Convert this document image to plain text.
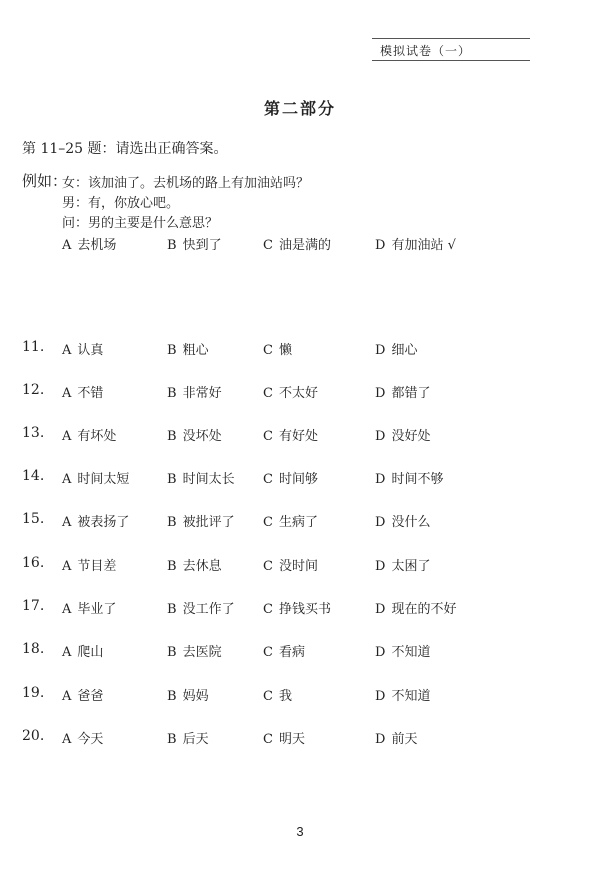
模拟试卷（一）
第二部分
第 11–25 题：请选出正确答案。
例如：
女：该加油了。去机场的路上有加油站吗？
男：有，你放心吧。
问：男的主要是什么意思？
A 去机场	B 快到了	C 油是满的	D 有加油站 √
11. A 认真	B 粗心	C 懒	D 细心
12. A 不错	B 非常好	C 不太好	D 都错了
13. A 有坏处	B 没坏处	C 有好处	D 没好处
14. A 时间太短	B 时间太长 C 时间够	D 时间不够
15. A 被表扬了	B 被批评了 C 生病了	D 没什么
16. A 节目差	B 去休息	C 没时间	D 太困了
17. A 毕业了	B 没工作了 C 挣钱买书	D 现在的不好
18. A 爬山	B 去医院	C 看病	D 不知道
19. A 爸爸	B 妈妈	C 我	D 不知道
20. A 今天	B 后天	C 明天	D 前天
3
